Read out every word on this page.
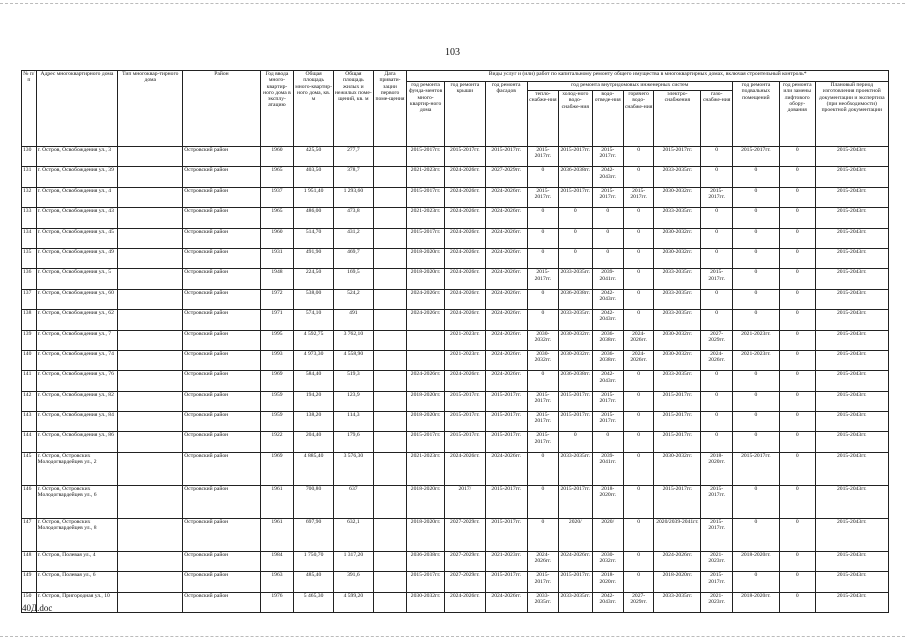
103
№ п/п	Адрес многоквартирного дома	Тип многоквар-тирного дома	Район	Год ввода много-квартир-ного дома в эксплу-атацию	Общая площадь много-квартир-ного дома, кв. м	Общая площадь жилых и нежилых поме-щений, кв. м	Дата привати-зации первого поме-щения	Виды услуг и (или) работ по капитальному ремонту общего имущества в многоквартирных домах, включая строительный контроль*											
								год ремонта фунда-ментов много-квартир-ного дома	год ремонта крыши	год ремонта фасадов	год ремонта внутридомовых инженерных систем						год ремонта подвальных помещений	год ремонта или замены лифтового обору-дования	Плановый период изготовления проектной документации и экспертиза (при необходимости) проектной документации
											тепло-снабже-ния	холод-ного водо-снабже-ния	водо-отведе-ния	горячего водо-снабже-ния	электро-снабжения	газо-снабже-ния			
130	г. Остров, Освобождения ул., 3		Островский район	1960	425,50	277,7		2015-2017гг.	2015-2017гг.	2015-2017гг.	2015-2017гг.	2015-2017гг.	2015-2017гг.	0	2015-2017гг.	0	2015-2017гг.	0	2015-2043гг.
131	г. Остров, Освобождения ул., 39		Островский район	1965	403,50	378,7		2021-2023гг.	2024-2026гг.	2027-2029гг.	0	2036-2038гг.	2042-2043гг.	0	2033-2035гг.	0	0	0	2015-2043гг.
132	г. Остров, Освобождения ул., 4		Островский район	1937	1 951,40	1 293,60		2015-2017гг.	2024-2026гг.	2024-2026гг.	2015-2017гг.	2015-2017гг.	2015-2017гг.	2015-2017гг.	2030-2032гг.	2015-2017гг.	0	0	2015-2043гг.
133	г. Остров, Освобождения ул., 43		Островский район	1965	486,00	473,8		2021-2023гг.	2024-2026гг.	2024-2026гг.	0	0	0	0	2033-2035гг.	0	0	0	2015-2043гг.
134	г. Остров, Освобождения ул., 45		Островский район	1960	514,70	431,2		2015-2017гг.	2024-2026гг.	2024-2026гг.	0	0	0	0	2030-2032гг.	0	0	0	2015-2043гг.
135	г. Остров, Освобождения ул., 49		Островский район	1931	491,90	469,7		2018-2020гг.	2024-2026гг.	2024-2026гг.	0	0	0	0	2030-2032гг.	0	0	0	2015-2043гг.
136	г. Остров, Освобождения ул., 5		Островский район	1948	224,50	169,5		2018-2020гг.	2024-2026гг.	2024-2026гг.	2015-2017гг.	2033-2035гг.	2039-2041гг.	0	2033-2035гг.	2015-2017гг.	0	0	2015-2043гг.
137	г. Остров, Освобождения ул., 60		Островский район	1972	538,00	524,2		2024-2026гг.	2024-2026гг.	2024-2026гг.	0	2036-2038гг.	2042-2043гг.	0	2033-2035гг.	0	0	0	2015-2043гг.
138	г. Остров, Освобождения ул., 62		Островский район	1971	574,10	491		2024-2026гг.	2024-2026гг.	2024-2026гг.	0	2033-2035гг.	2042-2043гг.	0	2033-2035гг.	0	0	0	2015-2043гг.
139	г. Остров, Освобождения ул., 7		Островский район	1995	4 592,75	3 762,10			2021-2023гг.	2024-2026гг.	2030-2032гг.	2030-2032гг.	2036-2038гг.	2024-2026гг.	2030-2032гг.	2027-2029гг.	2021-2023гг.	0	2015-2043гг.
140	г. Остров, Освобождения ул., 74		Островский район	1993	4 973,30	4 558,90			2021-2023гг.	2024-2026гг.	2030-2032гг.	2030-2032гг.	2036-2038гг.	2024-2026гг.	2030-2032гг.	2024-2026гг.	2021-2023гг.	0	2015-2043гг.
141	г. Остров, Освобождения ул., 76		Островский район	1969	584,40	519,3		2024-2026гг.	2024-2026гг.	2024-2026гг.	0	2036-2038гг.	2042-2043гг.	0	2033-2035гг.	0	0	0	2015-2043гг.
142	г. Остров, Освобождения ул., 82		Островский район	1959	194,20	123,9		2018-2020гг.	2015-2017гг.	2015-2017гг.	2015-2017гг.	2015-2017гг.	2015-2017гг.	0	2015-2017гг.	0	0	0	2015-2043гг.
143	г. Остров, Освобождения ул., 84		Островский район	1959	138,20	114,3		2018-2020гг.	2015-2017гг.	2015-2017гг.	2015-2017гг.	2015-2017гг.	2015-2017гг.	0	2015-2017гг.	0	0	0	2015-2043гг.
144	г. Остров, Освобождения ул., 86		Островский район	1922	204,40	179,6		2015-2017гг.	2015-2017гг.	2015-2017гг.	2015-2017гг.	0	0	0	2015-2017гг.	0	0	0	2015-2043гг.
145	г. Остров, Островских Молодогвардейцев ул., 2		Островский район	1969	4 885,40	3 576,30		2021-2023гг.	2024-2026гг.	2024-2026гг.	0	2033-2035гг.	2039-2041гг.	0	2030-2032гг.	2018-2020гг.	2015-2017гг.	0	2015-2043гг.
146	г. Остров, Островских Молодогвардейцев ул., 6		Островский район	1961	700,80	637		2018-2020гг.	2017/	2015-2017гг.	0	2015-2017гг.	2018-2020гг.	0	2015-2017гг.	2015-2017гг.	0	0	2015-2043гг.
147	г. Остров, Островских Молодогвардейцев ул., 8		Островский район	1961	697,90	632,1		2018-2020гг.	2027-2029гг.	2015-2017гг.	0	2020/	2020/	0	2020/2039-2041гг.	2015-2017гг.	0	0	2015-2043гг.
148	г. Остров, Полевая ул., 4		Островский район	1984	1 750,70	1 317,20		2036-2038гг.	2027-2029гг.	2021-2023гг.	2024-2026гг.	2024-2026гг.	2030-2032гг.	0	2024-2026гг.	2021-2023гг.	2018-2020гг.	0	2015-2043гг.
149	г. Остров, Полевая ул., 6		Островский район	1963	485,40	391,6		2015-2017гг.	2027-2029гг.	2015-2017гг.	2015-2017гг.	2015-2017гг.	2018-2020гг.	0	2018-2020гг.	2015-2017гг.	0	0	2015-2043гг.
150	г. Остров, Пригородная ул., 10		Островский район	1976	5 465,30	4 599,20		2030-2032гг.	2024-2026гг.	2024-2026гг.	2033-2035гг.	2033-2035гг.	2042-2043гг.	2027-2029гг.	2033-2035гг.	2021-2023гг.	2018-2020гг.	0	2015-2043гг.
40Д.doc
